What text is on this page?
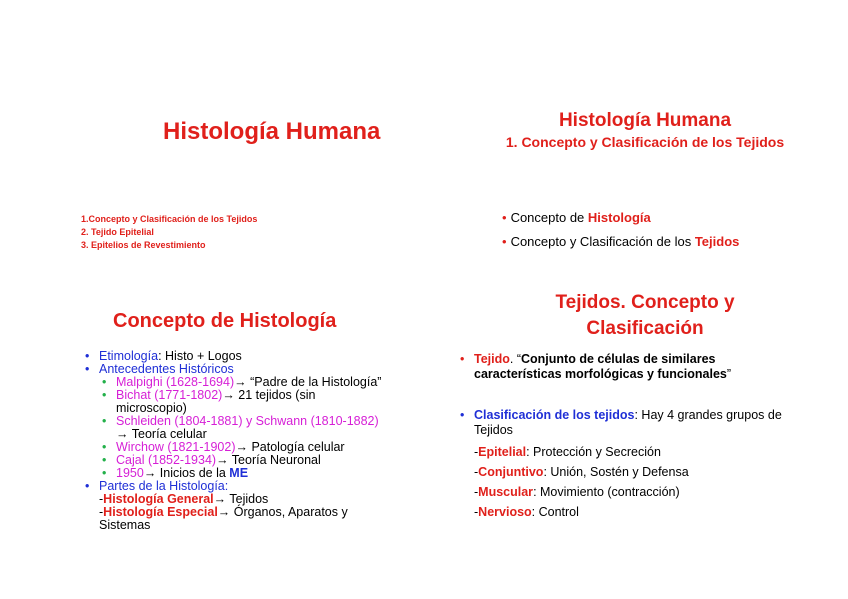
Histología Humana
1.Concepto y Clasificación de los Tejidos
2. Tejido Epitelial
3. Epitelios de Revestimiento
Histología Humana
1. Concepto y Clasificación de los Tejidos
• Concepto de Histología
• Concepto y Clasificación de los Tejidos
Concepto de Histología
• Etimología: Histo + Logos
• Antecedentes Históricos
• Malpighi (1628-1694)→ “Padre de la Histología”
• Bichat (1771-1802)→ 21 tejidos (sin
microscopio)
• Schleiden (1804-1881) y Schwann (1810-1882)
→ Teoría celular
• Wirchow (1821-1902)→ Patología celular
• Cajal (1852-1934)→ Teoría Neuronal
• 1950→ Inicios de la ME
• Partes de la Histología:
-Histología General→ Tejidos
-Histología Especial→ Órganos, Aparatos y
Sistemas
Tejidos. Concepto y
Clasificación
• Tejido. “Conjunto de células de similares características morfológicas y funcionales”
• Clasificación de los tejidos: Hay 4 grandes grupos de Tejidos
-Epitelial: Protección y Secreción
-Conjuntivo: Unión, Sostén y Defensa
-Muscular: Movimiento (contracción)
-Nervioso: Control
